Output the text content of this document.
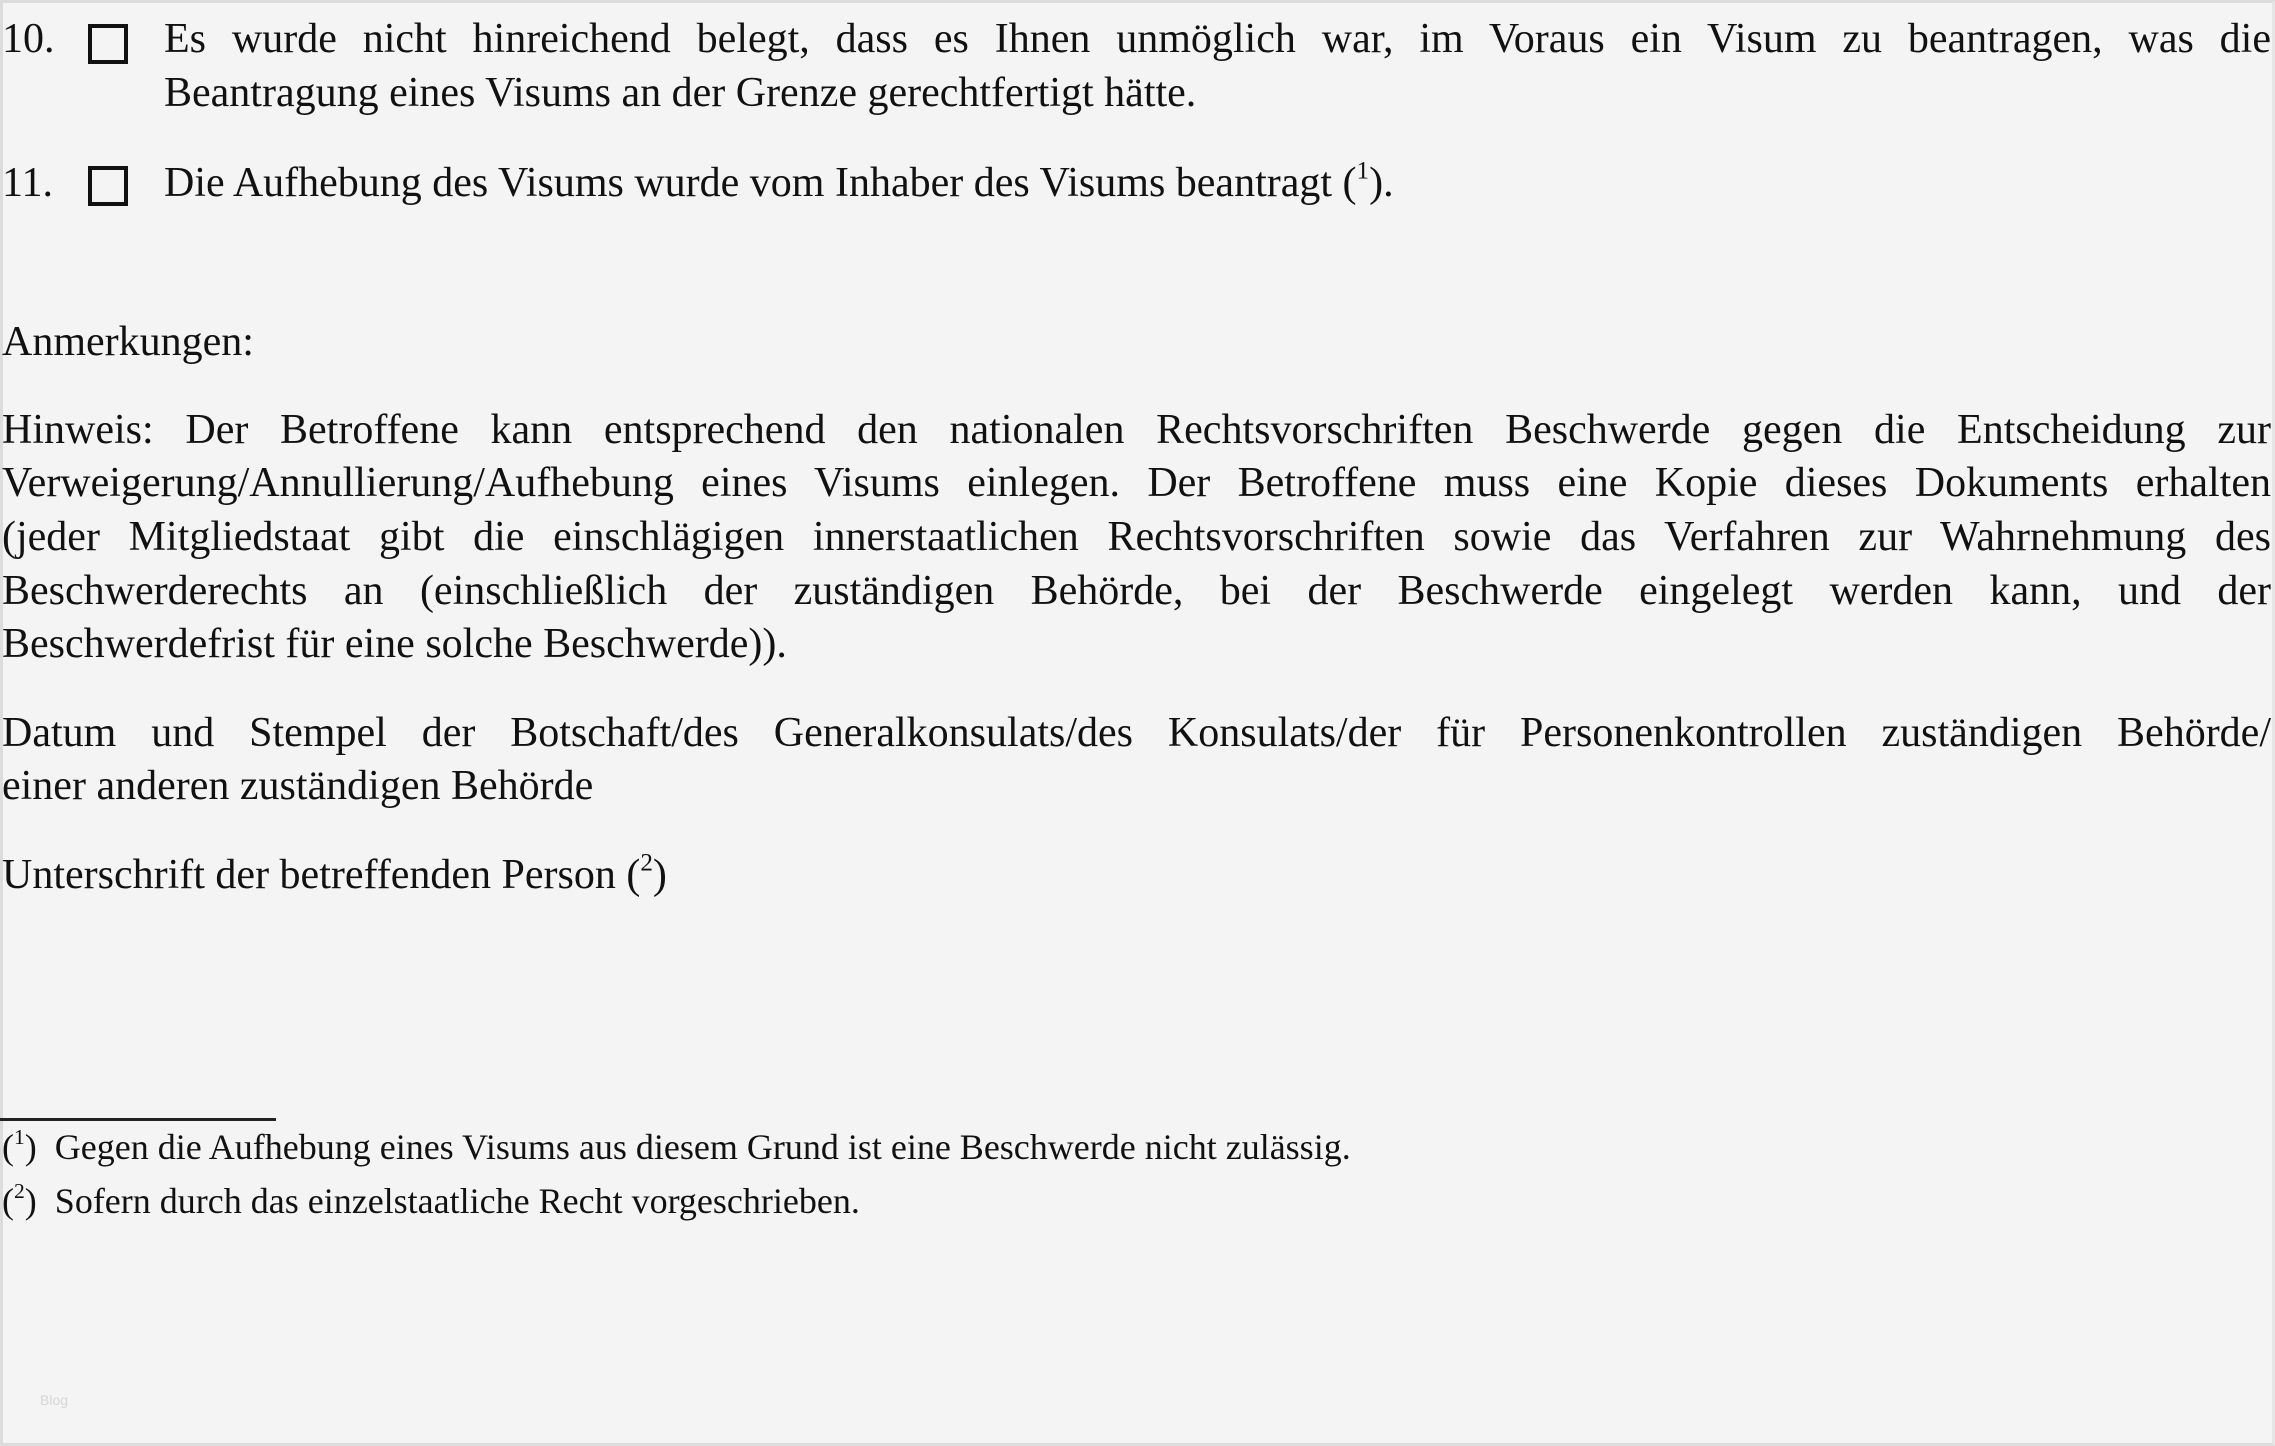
10.	Es wurde nicht hinreichend belegt, dass es Ihnen unmöglich war, im Voraus ein Visum zu beantragen, was die
Beantragung eines Visums an der Grenze gerechtfertigt hätte.
11.	Die Aufhebung des Visums wurde vom Inhaber des Visums beantragt ($^1$).
Anmerkungen:
Hinweis: Der Betroffene kann entsprechend den nationalen Rechtsvorschriften Beschwerde gegen die Entscheidung zur
Verweigerung/Annullierung/Aufhebung eines Visums einlegen. Der Betroffene muss eine Kopie dieses Dokuments erhalten
(jeder Mitgliedstaat gibt die einschlägigen innerstaatlichen Rechtsvorschriften sowie das Verfahren zur Wahrnehmung des
Beschwerderechts an (einschließlich der zuständigen Behörde, bei der Beschwerde eingelegt werden kann, und der
Beschwerdefrist für eine solche Beschwerde)).
Datum und Stempel der Botschaft/des Generalkonsulats/des Konsulats/der für Personenkontrollen zuständigen Behörde/
einer anderen zuständigen Behörde
Unterschrift der betreffenden Person ($^2$)
($^1$) Gegen die Aufhebung eines Visums aus diesem Grund ist eine Beschwerde nicht zulässig.
($^2$) Sofern durch das einzelstaatliche Recht vorgeschrieben.
Blog
